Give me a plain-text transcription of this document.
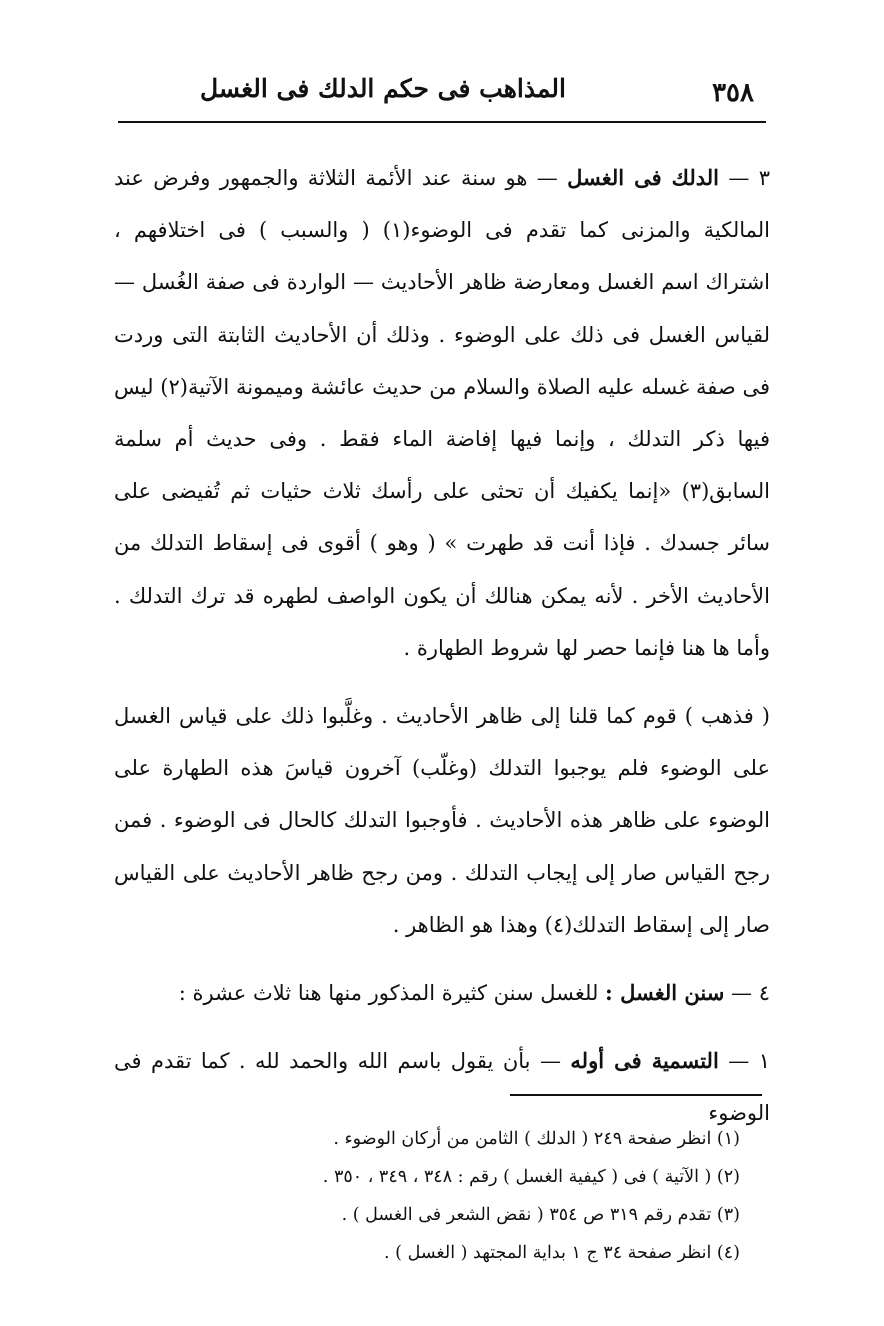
٣٥٨
المذاهب فى حكم الدلك فى الغسل

٣ — الدلك فى الغسل — هو سنة عند الأئمة الثلاثة والجمهور وفرض عند المالكية والمزنى كما تقدم فى الوضوء(١) ( والسبب ) فى اختلافهم ، اشتراك اسم الغسل ومعارضة ظاهر الأحاديث — الواردة فى صفة الغُسل — لقياس الغسل فى ذلك على الوضوء . وذلك أن الأحاديث الثابتة التى وردت فى صفة غسله عليه الصلاة والسلام من حديث عائشة وميمونة الآتية(٢) ليس فيها ذكر التدلك ، وإنما فيها إفاضة الماء فقط . وفى حديث أم سلمة السابق(٣) «إنما يكفيك أن تحثى على رأسك ثلاث حثيات ثم تُفيضى على سائر جسدك . فإذا أنت قد طهرت » ( وهو ) أقوى فى إسقاط التدلك من الأحاديث الأخر . لأنه يمكن هنالك أن يكون الواصف لطهره قد ترك التدلك . وأما ها هنا فإنما حصر لها شروط الطهارة .

( فذهب ) قوم كما قلنا إلى ظاهر الأحاديث . وغلَّبوا ذلك على قياس الغسل على الوضوء فلم يوجبوا التدلك (وغلّب) آخرون قياسَ هذه الطهارة على الوضوء على ظاهر هذه الأحاديث . فأوجبوا التدلك كالحال فى الوضوء . فمن رجح القياس صار إلى إيجاب التدلك . ومن رجح ظاهر الأحاديث على القياس صار إلى إسقاط التدلك(٤) وهذا هو الظاهر .

٤ — سنن الغسل : للغسل سنن كثيرة المذكور منها هنا ثلاث عشرة :

١ — التسمية فى أوله — بأن يقول باسم الله والحمد لله . كما تقدم فى الوضوء

(١) انظر صفحة ٢٤٩ ( الدلك ) الثامن من أركان الوضوء .
(٢) ( الآتية ) فى ( كيفية الغسل ) رقم : ٣٤٨ ، ٣٤٩ ، ٣٥٠ .
(٣) تقدم رقم ٣١٩ ص ٣٥٤ ( نقض الشعر فى الغسل ) .
(٤) انظر صفحة ٣٤ ج ١ بداية المجتهد ( الغسل ) .
